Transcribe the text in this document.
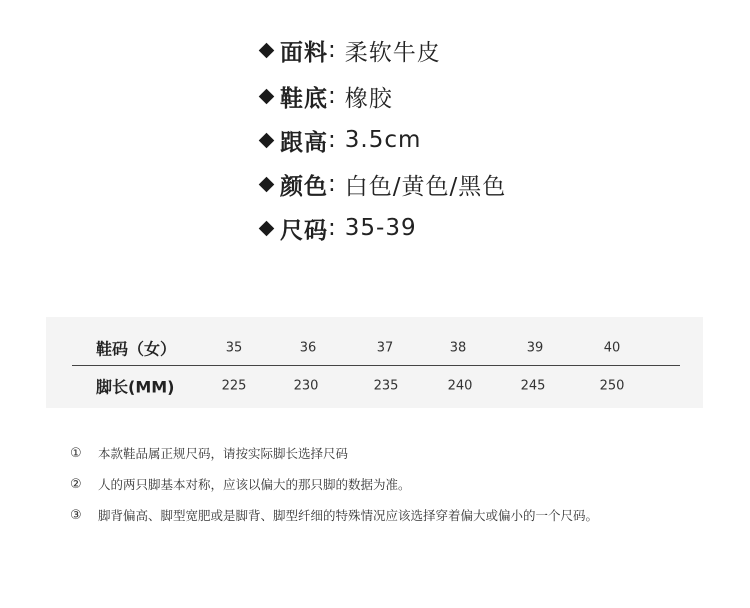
面料 : 柔软牛皮
鞋底 : 橡胶
跟高 : 3.5cm
颜色 : 白色/黄色/黑色
尺码 : 35-39
鞋码（女）	35	36	37	38	39	40
脚长(MM)	225	230	235	240	245	250
①	本款鞋品属正规尺码，请按实际脚长选择尺码
②	人的两只脚基本对称，应该以偏大的那只脚的数据为准。
③	脚背偏高、脚型宽肥或是脚背、脚型纤细的特殊情况应该选择穿着偏大或偏小的一个尺码。
